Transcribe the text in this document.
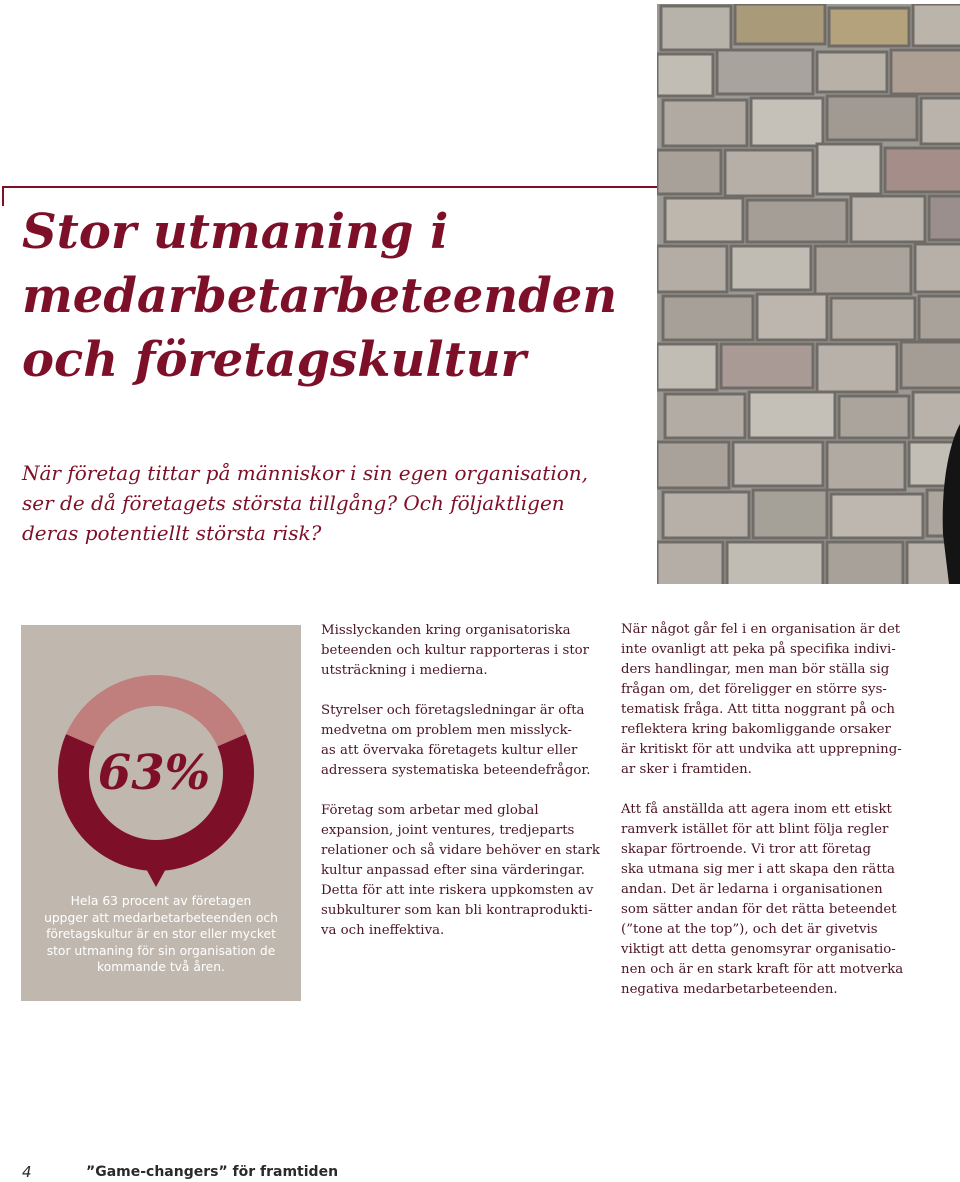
Stor utmaning i
medarbetarbeteenden
och företagskultur

När företag tittar på människor i sin egen organisation,
ser de då företagets största tillgång? Och följaktligen
deras potentiellt största risk?

63%

Hela 63 procent av företagen
uppger att medarbetarbeteenden och
företagskultur är en stor eller mycket
stor utmaning för sin organisation de
kommande två åren.

Misslyckanden kring organisatoriska
beteenden och kultur rapporteras i stor
utsträckning i medierna.

Styrelser och företagsledningar är ofta
medvetna om problem men misslyck-
as att övervaka företagets kultur eller
adressera systematiska beteendefrågor.

Företag som arbetar med global
expansion, joint ventures, tredjeparts
relationer och så vidare behöver en stark
kultur anpassad efter sina värderingar.
Detta för att inte riskera uppkomsten av
subkulturer som kan bli kontraproduktі-
va och ineffektiva.

När något går fel i en organisation är det
inte ovanligt att peka på specifika indivi-
ders handlingar, men man bör ställa sig
frågan om, det föreligger en större sys-
tematisk fråga. Att titta noggrant på och
reflektera kring bakomliggande orsaker
är kritiskt för att undvika att upprepning-
ar sker i framtiden.

Att få anställda att agera inom ett etiskt
ramverk istället för att blint följa regler
skapar förtroende. Vi tror att företag
ska utmana sig mer i att skapa den rätta
andan. Det är ledarna i organisationen
som sätter andan för det rätta beteendet
(”tone at the top”), och det är givetvis
viktigt att detta genomsyrar organisatio-
nen och är en stark kraft för att motverka
negativa medarbetarbeteenden.

4	”Game-changers” för framtiden
